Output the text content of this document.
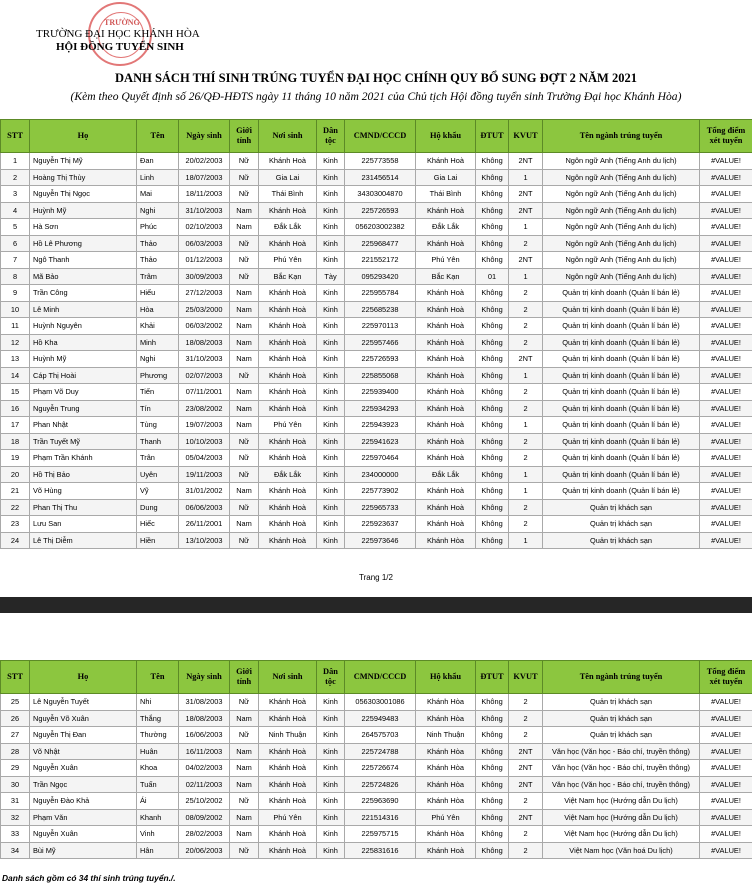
TRƯỜNG
TRƯỜNG ĐẠI HỌC KHÁNH HÒA
HỘI ĐỒNG TUYỂN SINH
DANH SÁCH THÍ SINH TRÚNG TUYỂN ĐẠI HỌC CHÍNH QUY BỔ SUNG ĐỢT 2 NĂM 2021
(Kèm theo Quyết định số 26/QĐ-HĐTS ngày 11 tháng 10 năm 2021 của Chủ tịch Hội đồng tuyển sinh Trường Đại học Khánh Hòa)
STT	Họ	Tên	Ngày sinh	Giới tính	Nơi sinh	Dân tộc	CMND/CCCD	Hộ khẩu	ĐTUT	KVUT	Tên ngành trúng tuyển	Tổng điểm xét tuyển
1	Nguyễn Thị Mỹ	Đan	20/02/2003	Nữ	Khánh Hoà	Kinh	225773558	Khánh Hoà	Không	2NT	Ngôn ngữ Anh (Tiếng Anh du lịch)	#VALUE!
2	Hoàng Thị Thùy	Linh	18/07/2003	Nữ	Gia Lai	Kinh	231456514	Gia Lai	Không	1	Ngôn ngữ Anh (Tiếng Anh du lịch)	#VALUE!
3	Nguyễn Thị Ngọc	Mai	18/11/2003	Nữ	Thái Bình	Kinh	34303004870	Thái Bình	Không	2NT	Ngôn ngữ Anh (Tiếng Anh du lịch)	#VALUE!
4	Huỳnh Mỹ	Nghi	31/10/2003	Nam	Khánh Hoà	Kinh	225726593	Khánh Hoà	Không	2NT	Ngôn ngữ Anh (Tiếng Anh du lịch)	#VALUE!
5	Hà Sơn	Phúc	02/10/2003	Nam	Đắk Lắk	Kinh	056203002382	Đắk Lắk	Không	1	Ngôn ngữ Anh (Tiếng Anh du lịch)	#VALUE!
6	Hồ Lê Phương	Thảo	06/03/2003	Nữ	Khánh Hoà	Kinh	225968477	Khánh Hoà	Không	2	Ngôn ngữ Anh (Tiếng Anh du lịch)	#VALUE!
7	Ngô Thanh	Thảo	01/12/2003	Nữ	Phú Yên	Kinh	221552172	Phú Yên	Không	2NT	Ngôn ngữ Anh (Tiếng Anh du lịch)	#VALUE!
8	Mã Bảo	Trâm	30/09/2003	Nữ	Bắc Kạn	Tày	095293420	Bắc Kạn	01	1	Ngôn ngữ Anh (Tiếng Anh du lịch)	#VALUE!
9	Trần Công	Hiếu	27/12/2003	Nam	Khánh Hoà	Kinh	225955784	Khánh Hoà	Không	2	Quản trị kinh doanh (Quản lí bán lẻ)	#VALUE!
10	Lê Minh	Hòa	25/03/2000	Nam	Khánh Hoà	Kinh	225685238	Khánh Hoà	Không	2	Quản trị kinh doanh (Quản lí bán lẻ)	#VALUE!
11	Huỳnh Nguyên	Khải	06/03/2002	Nam	Khánh Hoà	Kinh	225970113	Khánh Hoà	Không	2	Quản trị kinh doanh (Quản lí bán lẻ)	#VALUE!
12	Hồ Kha	Minh	18/08/2003	Nam	Khánh Hoà	Kinh	225957466	Khánh Hoà	Không	2	Quản trị kinh doanh (Quản lí bán lẻ)	#VALUE!
13	Huỳnh Mỹ	Nghi	31/10/2003	Nam	Khánh Hoà	Kinh	225726593	Khánh Hoà	Không	2NT	Quản trị kinh doanh (Quản lí bán lẻ)	#VALUE!
14	Cáp Thị Hoài	Phương	02/07/2003	Nữ	Khánh Hoà	Kinh	225855068	Khánh Hoà	Không	1	Quản trị kinh doanh (Quản lí bán lẻ)	#VALUE!
15	Phạm Võ Duy	Tiến	07/11/2001	Nam	Khánh Hoà	Kinh	225939400	Khánh Hoà	Không	2	Quản trị kinh doanh (Quản lí bán lẻ)	#VALUE!
16	Nguyễn Trung	Tín	23/08/2002	Nam	Khánh Hoà	Kinh	225934293	Khánh Hoà	Không	2	Quản trị kinh doanh (Quản lí bán lẻ)	#VALUE!
17	Phan Nhật	Tùng	19/07/2003	Nam	Phú Yên	Kinh	225943923	Khánh Hoà	Không	1	Quản trị kinh doanh (Quản lí bán lẻ)	#VALUE!
18	Trần Tuyết Mỹ	Thanh	10/10/2003	Nữ	Khánh Hoà	Kinh	225941623	Khánh Hoà	Không	2	Quản trị kinh doanh (Quản lí bán lẻ)	#VALUE!
19	Phạm Trần Khánh	Trân	05/04/2003	Nữ	Khánh Hoà	Kinh	225970464	Khánh Hoà	Không	2	Quản trị kinh doanh (Quản lí bán lẻ)	#VALUE!
20	Hồ Thị Bảo	Uyên	19/11/2003	Nữ	Đắk Lắk	Kinh	234000000	Đắk Lắk	Không	1	Quản trị kinh doanh (Quản lí bán lẻ)	#VALUE!
21	Võ Hùng	Vỹ	31/01/2002	Nam	Khánh Hoà	Kinh	225773902	Khánh Hoà	Không	1	Quản trị kinh doanh (Quản lí bán lẻ)	#VALUE!
22	Phan Thị Thu	Dung	06/06/2003	Nữ	Khánh Hoà	Kinh	225965733	Khánh Hoà	Không	2	Quản trị khách sạn	#VALUE!
23	Lưu San	Hiếc	26/11/2001	Nam	Khánh Hoà	Kinh	225923637	Khánh Hoà	Không	2	Quản trị khách sạn	#VALUE!
24	Lê Thị Diễm	Hiền	13/10/2003	Nữ	Khánh Hoà	Kinh	225973646	Khánh Hòa	Không	1	Quản trị khách sạn	#VALUE!
Trang 1/2
STT	Họ	Tên	Ngày sinh	Giới tính	Nơi sinh	Dân tộc	CMND/CCCD	Hộ khẩu	ĐTUT	KVUT	Tên ngành trúng tuyển	Tổng điểm xét tuyển
25	Lê Nguyễn Tuyết	Nhi	31/08/2003	Nữ	Khánh Hoà	Kinh	056303001086	Khánh Hòa	Không	2	Quản trị khách sạn	#VALUE!
26	Nguyễn Võ Xuân	Thắng	18/08/2003	Nam	Khánh Hoà	Kinh	225949483	Khánh Hòa	Không	2	Quản trị khách sạn	#VALUE!
27	Nguyễn Thị Đan	Thường	16/06/2003	Nữ	Ninh Thuận	Kinh	264575703	Ninh Thuận	Không	2	Quản trị khách sạn	#VALUE!
28	Võ Nhật	Huân	16/11/2003	Nam	Khánh Hoà	Kinh	225724788	Khánh Hòa	Không	2NT	Văn học (Văn học - Báo chí, truyền thông)	#VALUE!
29	Nguyễn Xuân	Khoa	04/02/2003	Nam	Khánh Hoà	Kinh	225726674	Khánh Hòa	Không	2NT	Văn học (Văn học - Báo chí, truyền thông)	#VALUE!
30	Trần Ngọc	Tuấn	02/11/2003	Nam	Khánh Hoà	Kinh	225724826	Khánh Hòa	Không	2NT	Văn học (Văn học - Báo chí, truyền thông)	#VALUE!
31	Nguyễn Đào Khả	Ái	25/10/2002	Nữ	Khánh Hoà	Kinh	225963690	Khánh Hòa	Không	2	Việt Nam học (Hướng dẫn Du lịch)	#VALUE!
32	Phạm Văn	Khanh	08/09/2002	Nam	Phú Yên	Kinh	221514316	Phú Yên	Không	2NT	Việt Nam học (Hướng dẫn Du lịch)	#VALUE!
33	Nguyễn Xuân	Vinh	28/02/2003	Nam	Khánh Hoà	Kinh	225975715	Khánh Hòa	Không	2	Việt Nam học (Hướng dẫn Du lịch)	#VALUE!
34	Bùi Mỹ	Hân	20/06/2003	Nữ	Khánh Hoà	Kinh	225831616	Khánh Hoà	Không	2	Việt Nam học (Văn hoá Du lịch)	#VALUE!
Danh sách gồm có 34 thí sinh trúng tuyển./.
